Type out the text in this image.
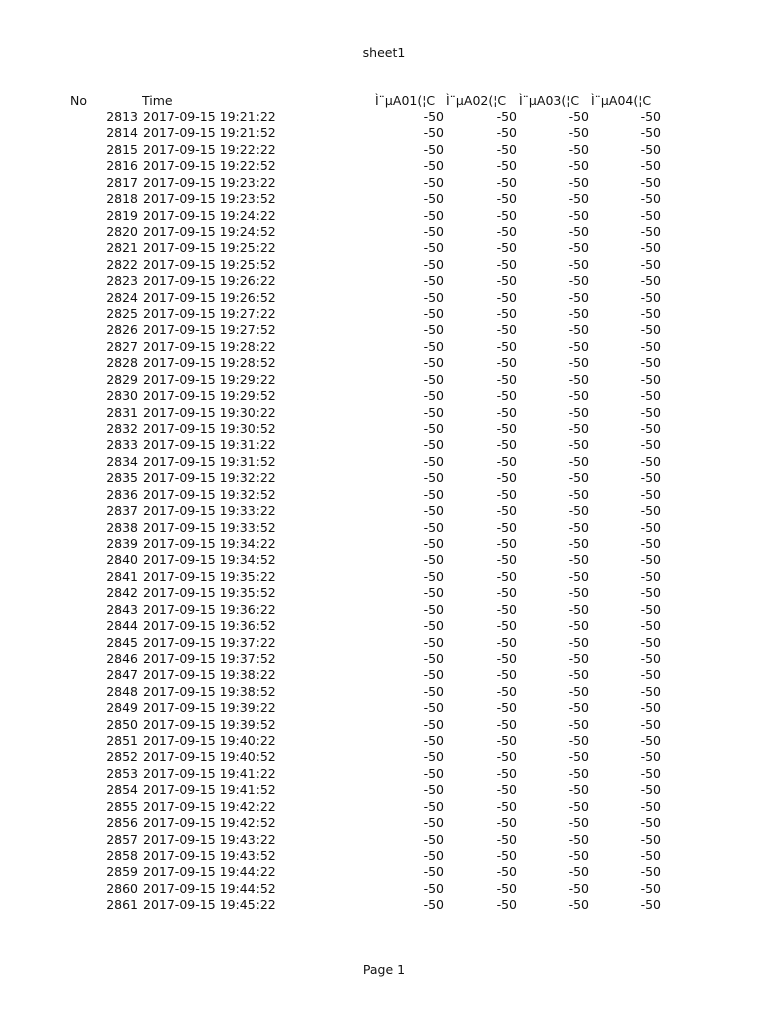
sheet1
No	Time	Ì¨µA01(¦C Ì¨µA02(¦C	Ì¨µA03(¦C Ì¨µA04(¦C
2813 2017-09-15 19:21:22	-50	-50	-50	-50
2814 2017-09-15 19:21:52	-50	-50	-50	-50
2815 2017-09-15 19:22:22	-50	-50	-50	-50
2816 2017-09-15 19:22:52	-50	-50	-50	-50
2817 2017-09-15 19:23:22	-50	-50	-50	-50
2818 2017-09-15 19:23:52	-50	-50	-50	-50
2819 2017-09-15 19:24:22	-50	-50	-50	-50
2820 2017-09-15 19:24:52	-50	-50	-50	-50
2821 2017-09-15 19:25:22	-50	-50	-50	-50
2822 2017-09-15 19:25:52	-50	-50	-50	-50
2823 2017-09-15 19:26:22	-50	-50	-50	-50
2824 2017-09-15 19:26:52	-50	-50	-50	-50
2825 2017-09-15 19:27:22	-50	-50	-50	-50
2826 2017-09-15 19:27:52	-50	-50	-50	-50
2827 2017-09-15 19:28:22	-50	-50	-50	-50
2828 2017-09-15 19:28:52	-50	-50	-50	-50
2829 2017-09-15 19:29:22	-50	-50	-50	-50
2830 2017-09-15 19:29:52	-50	-50	-50	-50
2831 2017-09-15 19:30:22	-50	-50	-50	-50
2832 2017-09-15 19:30:52	-50	-50	-50	-50
2833 2017-09-15 19:31:22	-50	-50	-50	-50
2834 2017-09-15 19:31:52	-50	-50	-50	-50
2835 2017-09-15 19:32:22	-50	-50	-50	-50
2836 2017-09-15 19:32:52	-50	-50	-50	-50
2837 2017-09-15 19:33:22	-50	-50	-50	-50
2838 2017-09-15 19:33:52	-50	-50	-50	-50
2839 2017-09-15 19:34:22	-50	-50	-50	-50
2840 2017-09-15 19:34:52	-50	-50	-50	-50
2841 2017-09-15 19:35:22	-50	-50	-50	-50
2842 2017-09-15 19:35:52	-50	-50	-50	-50
2843 2017-09-15 19:36:22	-50	-50	-50	-50
2844 2017-09-15 19:36:52	-50	-50	-50	-50
2845 2017-09-15 19:37:22	-50	-50	-50	-50
2846 2017-09-15 19:37:52	-50	-50	-50	-50
2847 2017-09-15 19:38:22	-50	-50	-50	-50
2848 2017-09-15 19:38:52	-50	-50	-50	-50
2849 2017-09-15 19:39:22	-50	-50	-50	-50
2850 2017-09-15 19:39:52	-50	-50	-50	-50
2851 2017-09-15 19:40:22	-50	-50	-50	-50
2852 2017-09-15 19:40:52	-50	-50	-50	-50
2853 2017-09-15 19:41:22	-50	-50	-50	-50
2854 2017-09-15 19:41:52	-50	-50	-50	-50
2855 2017-09-15 19:42:22	-50	-50	-50	-50
2856 2017-09-15 19:42:52	-50	-50	-50	-50
2857 2017-09-15 19:43:22	-50	-50	-50	-50
2858 2017-09-15 19:43:52	-50	-50	-50	-50
2859 2017-09-15 19:44:22	-50	-50	-50	-50
2860 2017-09-15 19:44:52	-50	-50	-50	-50
2861 2017-09-15 19:45:22	-50	-50	-50	-50
Page 1
